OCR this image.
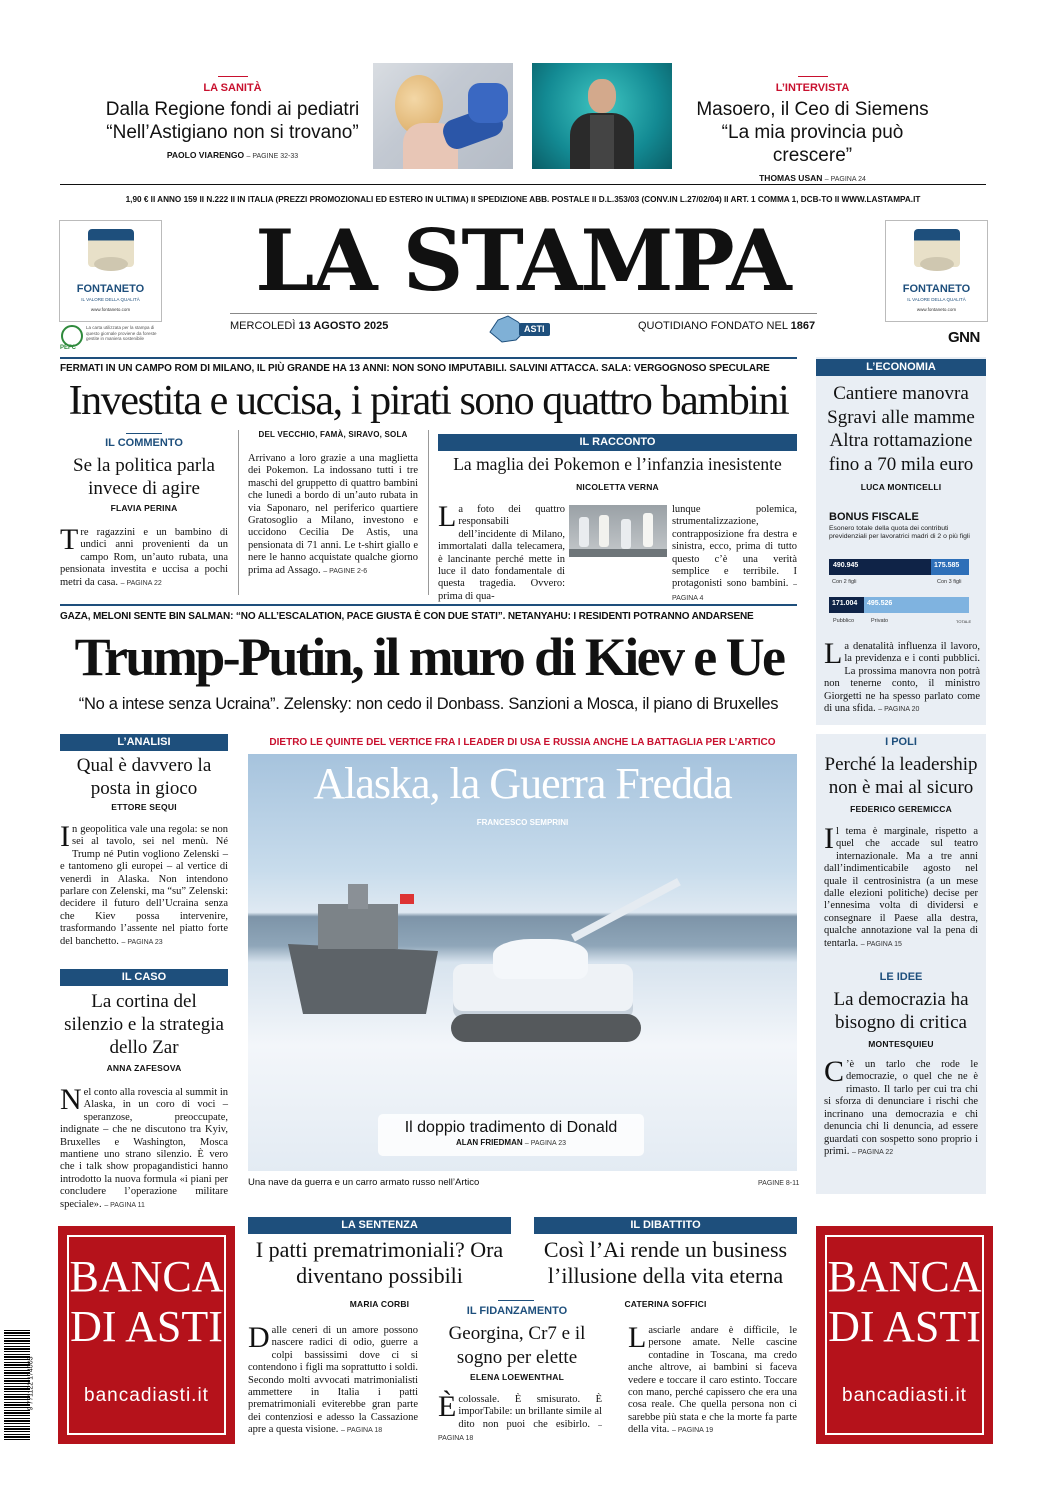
LA SANITÀ
Dalla Regione fondi ai pediatri “Nell’Astigiano non si trovano”
PAOLO VIARENGO – PAGINE 32-33
L’INTERVISTA
Masoero, il Ceo di Siemens “La mia provincia può crescere”
THOMAS USAN – PAGINA 24
1,90 € II ANNO 159 II N.222 II IN ITALIA (PREZZI PROMOZIONALI ED ESTERO IN ULTIMA) II SPEDIZIONE ABB. POSTALE II D.L.353/03 (CONV.IN L.27/02/04) II ART. 1 COMMA 1, DCB-TO II WWW.LASTAMPA.IT
FONTANETO
IL VALORE DELLA QUALITÀ
www.fontaneto.com
FONTANETO
IL VALORE DELLA QUALITÀ
www.fontaneto.com
PEFC
La carta utilizzata per la stampa di questo giornale proviene da foreste gestite in maniera sostenibile
LA STAMPA
MERCOLEDÌ 13 AGOSTO 2025	ASTI	QUOTIDIANO FONDATO NEL 1867
GNN
FERMATI IN UN CAMPO ROM DI MILANO, IL PIÙ GRANDE HA 13 ANNI: NON SONO IMPUTABILI. SALVINI ATTACCA. SALA: VERGOGNOSO SPECULARE
Investita e uccisa, i pirati sono quattro bambini
IL COMMENTO
Se la politica parla invece di agire
FLAVIA PERINA
Tre ragazzini e un bambino di undici anni provenienti da un campo Rom, un’auto rubata, una pensionata investita e uccisa a pochi metri da casa. – PAGINA 22
DEL VECCHIO, FAMÀ, SIRAVO, SOLA
Arrivano a loro grazie a una maglietta dei Pokemon. La indossano tutti i tre maschi del gruppetto di quattro bambini che lunedì a bordo di un’auto rubata in via Saponaro, nel periferico quartiere Gratosoglio a Milano, investono e uccidono Cecilia De Astis, una pensionata di 71 anni. Le t-shirt giallo e nere le hanno acquistate qualche giorno prima ad Assago. – PAGINE 2-6
IL RACCONTO
La maglia dei Pokemon e l’infanzia inesistente
NICOLETTA VERNA
La foto dei quattro responsabili dell’incidente di Milano, immortalati dalla telecamera, è lancinante perché mette in luce il dato fondamentale di questa tragedia. Ovvero: prima di qua-
lunque polemica, strumentalizzazione, contrapposizione fra destra e sinistra, ecco, prima di tutto questo c’è una verità semplice e terribile. I protagonisti sono bambini. – PAGINA 4
L’ECONOMIA
Cantiere manovra Sgravi alle mamme Altra rottamazione fino a 70 mila euro
LUCA MONTICELLI
BONUS FISCALE
Esonero totale della quota dei contributi previdenziali per lavoratrici madri di 2 o più figli
490.945	175.585
Con 2 figli	Con 3 figli
171.004 495.526
Pubblico	Privato	TOTALE
La denatalità influenza il lavoro, la previdenza e i conti pubblici. La prossima manovra non potrà non tenerne conto, il ministro Giorgetti ne ha spesso parlato come di una sfida. – PAGINA 20
GAZA, MELONI SENTE BIN SALMAN: “NO ALL’ESCALATION, PACE GIUSTA È CON DUE STATI”. NETANYAHU: I RESIDENTI POTRANNO ANDARSENE
Trump-Putin, il muro di Kiev e Ue
“No a intese senza Ucraina”. Zelensky: non cedo il Donbass. Sanzioni a Mosca, il piano di Bruxelles
L’ANALISI
Qual è davvero la posta in gioco
ETTORE SEQUI
In geopolitica vale una regola: se non sei al tavolo, sei nel menù. Né Trump né Putin vogliono Zelenski – e tantomeno gli europei – al vertice di venerdì in Alaska. Non intendono parlare con Zelenski, ma “su” Zelenski: decidere il futuro dell’Ucraina senza che Kiev possa intervenire, trasformando l’assente nel piatto forte del banchetto. – PAGINA 23
IL CASO
La cortina del silenzio e la strategia dello Zar
ANNA ZAFESOVA
Nel conto alla rovescia al summit in Alaska, in un coro di voci – speranzose, preoccupate, indignate – che ne discutono tra Kyiv, Bruxelles e Washington, Mosca mantiene uno strano silenzio. È vero che i talk show propagandistici hanno introdotto la nuova formula «i piani per concludere l’operazione militare speciale». – PAGINA 11
DIETRO LE QUINTE DEL VERTICE FRA I LEADER DI USA E RUSSIA ANCHE LA BATTAGLIA PER L’ARTICO
Alaska, la Guerra Fredda
FRANCESCO SEMPRINI
Il doppio tradimento di Donald
ALAN FRIEDMAN – PAGINA 23
Una nave da guerra e un carro armato russo nell’Artico	PAGINE 8-11
I POLI
Perché la leadership non è mai al sicuro
FEDERICO GEREMICCA
Il tema è marginale, rispetto a quel che accade sul teatro internazionale. Ma a tre anni dall’indimenticabile agosto nel quale il centrosinistra (a un mese dalle elezioni politiche) decise per l’ennesima volta di dividersi e consegnare il Paese alla destra, qualche annotazione val la pena di tentarla. – PAGINA 15
LE IDEE
La democrazia ha bisogno di critica
MONTESQUIEU
C ’è un tarlo che rode le democrazie, o quel che ne è rimasto. Il tarlo per cui tra chi si sforza di denunciare i rischi che incrinano una democrazia e chi denuncia chi li denuncia, ad essere guardati con sospetto sono proprio i primi. – PAGINA 22
BANCA
DI ASTI
bancadiasti.it
BANCA
DI ASTI
bancadiasti.it
9 771122 174003
LA SENTENZA
I patti prematrimoniali? Ora diventano possibili
MARIA CORBI
Dalle ceneri di un amore possono nascere radici di odio, guerre a colpi bassissimi dove ci si contendono i figli ma soprattutto i soldi. Secondo molti avvocati matrimonialisti ammettere in Italia i patti prematrimoniali eviterebbe gran parte dei contenziosi e adesso la Cassazione apre a questa visione. – PAGINA 18
IL FIDANZAMENTO
Georgina, Cr7 e il sogno per elette
ELENA LOEWENTHAL
È colossale. È smisurato. È imporTabile: un brillante simile al dito non puoi che esibirlo. – PAGINA 18
IL DIBATTITO
Così l’Ai rende un business l’illusione della vita eterna
CATERINA SOFFICI
Lasciarle andare è difficile, le persone amate. Nelle cascine contadine in Toscana, ma credo anche altrove, ai bambini si faceva vedere e toccare il caro estinto. Toccare con mano, perché capissero che era una cosa reale. Che quella persona non ci sarebbe più stata e che la morte fa parte della vita. – PAGINA 19
